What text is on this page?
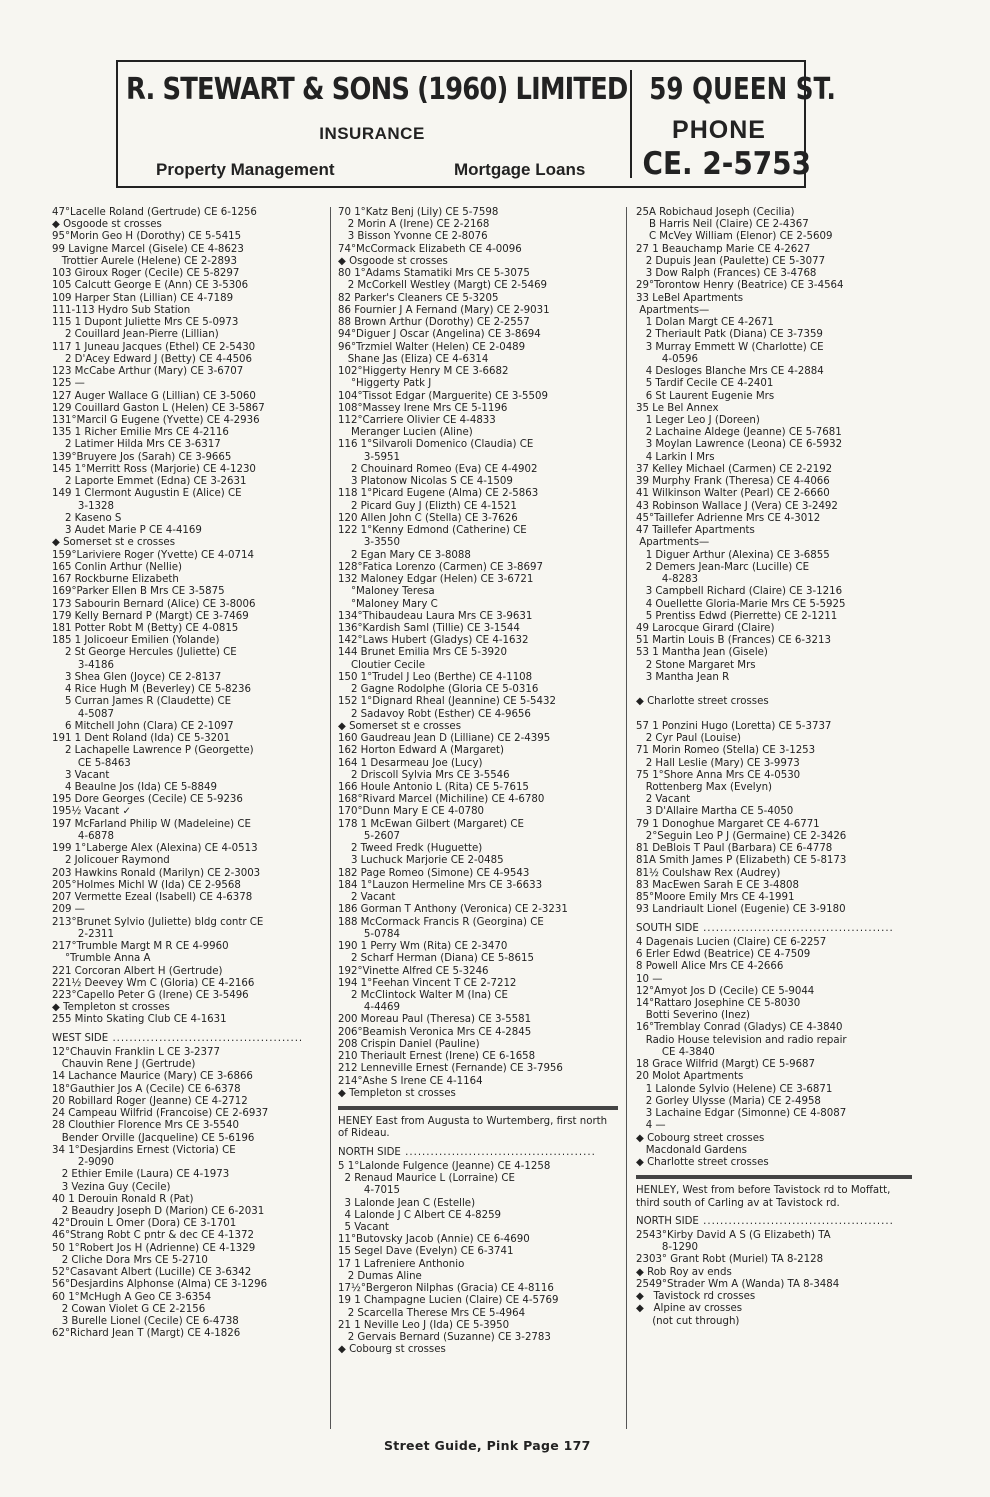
R. STEWART & SONS (1960) LIMITED
INSURANCE
Property Management	Mortgage Loans
59 QUEEN ST.
PHONE
CE. 2-5753
47°Lacelle Roland (Gertrude) CE 6-1256
◆ Osgoode st crosses
95°Morin Geo H (Dorothy) CE 5-5415
99 Lavigne Marcel (Gisele) CE 4-8623
Trottier Aurele (Helene) CE 2-2893
103 Giroux Roger (Cecile) CE 5-8297
105 Calcutt George E (Ann) CE 3-5306
109 Harper Stan (Lillian) CE 4-7189
111-113 Hydro Sub Station
115 1 Dupont Juliette Mrs CE 5-0973
2 Couillard Jean-Pierre (Lillian)
117 1 Juneau Jacques (Ethel) CE 2-5430
2 D'Acey Edward J (Betty) CE 4-4506
123 McCabe Arthur (Mary) CE 3-6707
125 —
127 Auger Wallace G (Lillian) CE 3-5060
129 Couillard Gaston L (Helen) CE 3-5867
131°Marcil G Eugene (Yvette) CE 4-2936
135 1 Richer Emilie Mrs CE 4-2116
2 Latimer Hilda Mrs CE 3-6317
139°Bruyere Jos (Sarah) CE 3-9665
145 1°Merritt Ross (Marjorie) CE 4-1230
2 Laporte Emmet (Edna) CE 3-2631
149 1 Clermont Augustin E (Alice) CE
3-1328
2 Kaseno S
3 Audet Marie P CE 4-4169
◆ Somerset st e crosses
159°Lariviere Roger (Yvette) CE 4-0714
165 Conlin Arthur (Nellie)
167 Rockburne Elizabeth
169°Parker Ellen B Mrs CE 3-5875
173 Sabourin Bernard (Alice) CE 3-8006
179 Kelly Bernard P (Margt) CE 3-7469
181 Potter Robt M (Betty) CE 4-0815
185 1 Jolicoeur Emilien (Yolande)
2 St George Hercules (Juliette) CE
3-4186
3 Shea Glen (Joyce) CE 2-8137
4 Rice Hugh M (Beverley) CE 5-8236
5 Curran James R (Claudette) CE
4-5087
6 Mitchell John (Clara) CE 2-1097
191 1 Dent Roland (Ida) CE 5-3201
2 Lachapelle Lawrence P (Georgette)
CE 5-8463
3 Vacant
4 Beaulne Jos (Ida) CE 5-8849
195 Dore Georges (Cecile) CE 5-9236
195½ Vacant ✓
197 McFarland Philip W (Madeleine) CE
4-6878
199 1°Laberge Alex (Alexina) CE 4-0513
2 Jolicouer Raymond
203 Hawkins Ronald (Marilyn) CE 2-3003
205°Holmes Michl W (Ida) CE 2-9568
207 Vermette Ezeal (Isabell) CE 4-6378
209 —
213°Brunet Sylvio (Juliette) bldg contr CE
2-2311
217°Trumble Margt M R CE 4-9960
°Trumble Anna A
221 Corcoran Albert H (Gertrude)
221½ Deevey Wm C (Gloria) CE 4-2166
223°Capello Peter G (Irene) CE 3-5496
◆ Templeton st crosses
255 Minto Skating Club CE 4-1631
WEST SIDE .....
12°Chauvin Franklin L CE 3-2377
Chauvin Rene J (Gertrude)
14 Lachance Maurice (Mary) CE 3-6866
18°Gauthier Jos A (Cecile) CE 6-6378
20 Robillard Roger (Jeanne) CE 4-2712
24 Campeau Wilfrid (Francoise) CE 2-6937
28 Clouthier Florence Mrs CE 3-5540
Bender Orville (Jacqueline) CE 5-6196
34 1°Desjardins Ernest (Victoria) CE
2-9090
2 Ethier Emile (Laura) CE 4-1973
3 Vezina Guy (Cecile)
40 1 Derouin Ronald R (Pat)
2 Beaudry Joseph D (Marion) CE 6-2031
42°Drouin L Omer (Dora) CE 3-1701
46°Strang Robt C pntr & dec CE 4-1372
50 1°Robert Jos H (Adrienne) CE 4-1329
2 Cliche Dora Mrs CE 5-2710
52°Casavant Albert (Lucille) CE 3-6342
56°Desjardins Alphonse (Alma) CE 3-1296
60 1°McHugh A Geo CE 3-6354
2 Cowan Violet G CE 2-2156
3 Burelle Lionel (Cecile) CE 6-4738
62°Richard Jean T (Margt) CE 4-1826
70 1°Katz Benj (Lily) CE 5-7598
2 Morin A (Irene) CE 2-2168
3 Bisson Yvonne CE 2-8076
74°McCormack Elizabeth CE 4-0096
◆ Osgoode st crosses
80 1°Adams Stamatiki Mrs CE 5-3075
2 McCorkell Westley (Margt) CE 2-5469
82 Parker's Cleaners CE 5-3205
86 Fournier J A Fernand (Mary) CE 2-9031
88 Brown Arthur (Dorothy) CE 2-2557
94°Diguer J Oscar (Angelina) CE 3-8694
96°Trzmiel Walter (Helen) CE 2-0489
Shane Jas (Eliza) CE 4-6314
102°Higgerty Henry M CE 3-6682
°Higgerty Patk J
104°Tissot Edgar (Marguerite) CE 3-5509
108°Massey Irene Mrs CE 5-1196
112°Carriere Olivier CE 4-4833
Meranger Lucien (Aline)
116 1°Silvaroli Domenico (Claudia) CE
3-5951
2 Chouinard Romeo (Eva) CE 4-4902
3 Platonow Nicolas S CE 4-1509
118 1°Picard Eugene (Alma) CE 2-5863
2 Picard Guy J (Elizth) CE 4-1521
120 Allen John C (Stella) CE 3-7626
122 1°Kenny Edmond (Catherine) CE
3-3550
2 Egan Mary CE 3-8088
128°Fatica Lorenzo (Carmen) CE 3-8697
132 Maloney Edgar (Helen) CE 3-6721
°Maloney Teresa
°Maloney Mary C
134°Thibaudeau Laura Mrs CE 3-9631
136°Kardish Saml (Tillie) CE 3-1544
142°Laws Hubert (Gladys) CE 4-1632
144 Brunet Emilia Mrs CE 5-3920
Cloutier Cecile
150 1°Trudel J Leo (Berthe) CE 4-1108
2 Gagne Rodolphe (Gloria CE 5-0316
152 1°Dignard Rheal (Jeannine) CE 5-5432
2 Sadavoy Robt (Esther) CE 4-9656
◆ Somerset st e crosses
160 Gaudreau Jean D (Lilliane) CE 2-4395
162 Horton Edward A (Margaret)
164 1 Desarmeau Joe (Lucy)
2 Driscoll Sylvia Mrs CE 3-5546
166 Houle Antonio L (Rita) CE 5-7615
168°Rivard Marcel (Michiline) CE 4-6780
170°Dunn Mary E CE 4-0780
178 1 McEwan Gilbert (Margaret) CE
5-2607
2 Tweed Fredk (Huguette)
3 Luchuck Marjorie CE 2-0485
182 Page Romeo (Simone) CE 4-9543
184 1°Lauzon Hermeline Mrs CE 3-6633
2 Vacant
186 Gorman T Anthony (Veronica) CE 2-3231
188 McCormack Francis R (Georgina) CE
5-0784
190 1 Perry Wm (Rita) CE 2-3470
2 Scharf Herman (Diana) CE 5-8615
192°Vinette Alfred CE 5-3246
194 1°Feehan Vincent T CE 2-7212
2 McClintock Walter M (Ina) CE
4-4469
200 Moreau Paul (Theresa) CE 3-5581
206°Beamish Veronica Mrs CE 4-2845
208 Crispin Daniel (Pauline)
210 Theriault Ernest (Irene) CE 6-1658
212 Lenneville Ernest (Fernande) CE 3-7956
214°Ashe S Irene CE 4-1164
◆ Templeton st crosses
HENEY East from Augusta to Wurtemberg, first north of Rideau.
NORTH SIDE .....
5 1°Lalonde Fulgence (Jeanne) CE 4-1258
2 Renaud Maurice L (Lorraine) CE
4-7015
3 Lalonde Jean C (Estelle)
4 Lalonde J C Albert CE 4-8259
5 Vacant
11°Butovsky Jacob (Annie) CE 6-4690
15 Segel Dave (Evelyn) CE 6-3741
17 1 Lafreniere Anthonio
2 Dumas Aline
17½°Bergeron Nilphas (Gracia) CE 4-8116
19 1 Champagne Lucien (Claire) CE 4-5769
2 Scarcella Therese Mrs CE 5-4964
21 1 Neville Leo J (Ida) CE 5-3950
2 Gervais Bernard (Suzanne) CE 3-2783
◆ Cobourg st crosses
25A Robichaud Joseph (Cecilia)
B Harris Neil (Claire) CE 2-4367
C McVey William (Elenor) CE 2-5609
27 1 Beauchamp Marie CE 4-2627
2 Dupuis Jean (Paulette) CE 5-3077
3 Dow Ralph (Frances) CE 3-4768
29°Torontow Henry (Beatrice) CE 3-4564
33 LeBel Apartments
Apartments—
1 Dolan Margt CE 4-2671
2 Theriault Patk (Diana) CE 3-7359
3 Murray Emmett W (Charlotte) CE
4-0596
4 Desloges Blanche Mrs CE 4-2884
5 Tardif Cecile CE 4-2401
6 St Laurent Eugenie Mrs
35 Le Bel Annex
1 Leger Leo J (Doreen)
2 Lachaine Aldege (Jeanne) CE 5-7681
3 Moylan Lawrence (Leona) CE 6-5932
4 Larkin I Mrs
37 Kelley Michael (Carmen) CE 2-2192
39 Murphy Frank (Theresa) CE 4-4066
41 Wilkinson Walter (Pearl) CE 2-6660
43 Robinson Wallace J (Vera) CE 3-2492
45°Taillefer Adrienne Mrs CE 4-3012
47 Taillefer Apartments
Apartments—
1 Diguer Arthur (Alexina) CE 3-6855
2 Demers Jean-Marc (Lucille) CE
4-8283
3 Campbell Richard (Claire) CE 3-1216
4 Ouellette Gloria-Marie Mrs CE 5-5925
5 Prentiss Edwd (Pierrette) CE 2-1211
49 Larocque Girard (Claire)
51 Martin Louis B (Frances) CE 6-3213
53 1 Mantha Jean (Gisele)
2 Stone Margaret Mrs
3 Mantha Jean R

◆ Charlotte street crosses

57 1 Ponzini Hugo (Loretta) CE 5-3737
2 Cyr Paul (Louise)
71 Morin Romeo (Stella) CE 3-1253
2 Hall Leslie (Mary) CE 3-9973
75 1°Shore Anna Mrs CE 4-0530
Rottenberg Max (Evelyn)
2 Vacant
3 D'Allaire Martha CE 5-4050
79 1 Donoghue Margaret CE 4-6771
2°Seguin Leo P J (Germaine) CE 2-3426
81 DeBlois T Paul (Barbara) CE 6-4778
81A Smith James P (Elizabeth) CE 5-8173
81½ Coulshaw Rex (Audrey)
83 MacEwen Sarah E CE 3-4808
85°Moore Emily Mrs CE 4-1991
93 Landriault Lionel (Eugenie) CE 3-9180
SOUTH SIDE .....
4 Dagenais Lucien (Claire) CE 6-2257
6 Erler Edwd (Beatrice) CE 4-7509
8 Powell Alice Mrs CE 4-2666
10 —
12°Amyot Jos D (Cecile) CE 5-9044
14°Rattaro Josephine CE 5-8030
Botti Severino (Inez)
16°Tremblay Conrad (Gladys) CE 4-3840
Radio House television and radio repair
CE 4-3840
18 Grace Wilfrid (Margt) CE 5-9687
20 Molot Apartments
1 Lalonde Sylvio (Helene) CE 3-6871
2 Gorley Ulysse (Maria) CE 2-4958
3 Lachaine Edgar (Simonne) CE 4-8087
4 —
◆ Cobourg street crosses
Macdonald Gardens
◆ Charlotte street crosses
HENLEY, West from before Tavistock rd to Moffatt, third south of Carling av at Tavistock rd.
NORTH SIDE .....
2543°Kirby David A S (G Elizabeth) TA
8-1290
2303° Grant Robt (Muriel) TA 8-2128
◆ Rob Roy av ends
2549°Strader Wm A (Wanda) TA 8-3484
◆   Tavistock rd crosses
◆   Alpine av crosses
(not cut through)
Street Guide, Pink Page 177
